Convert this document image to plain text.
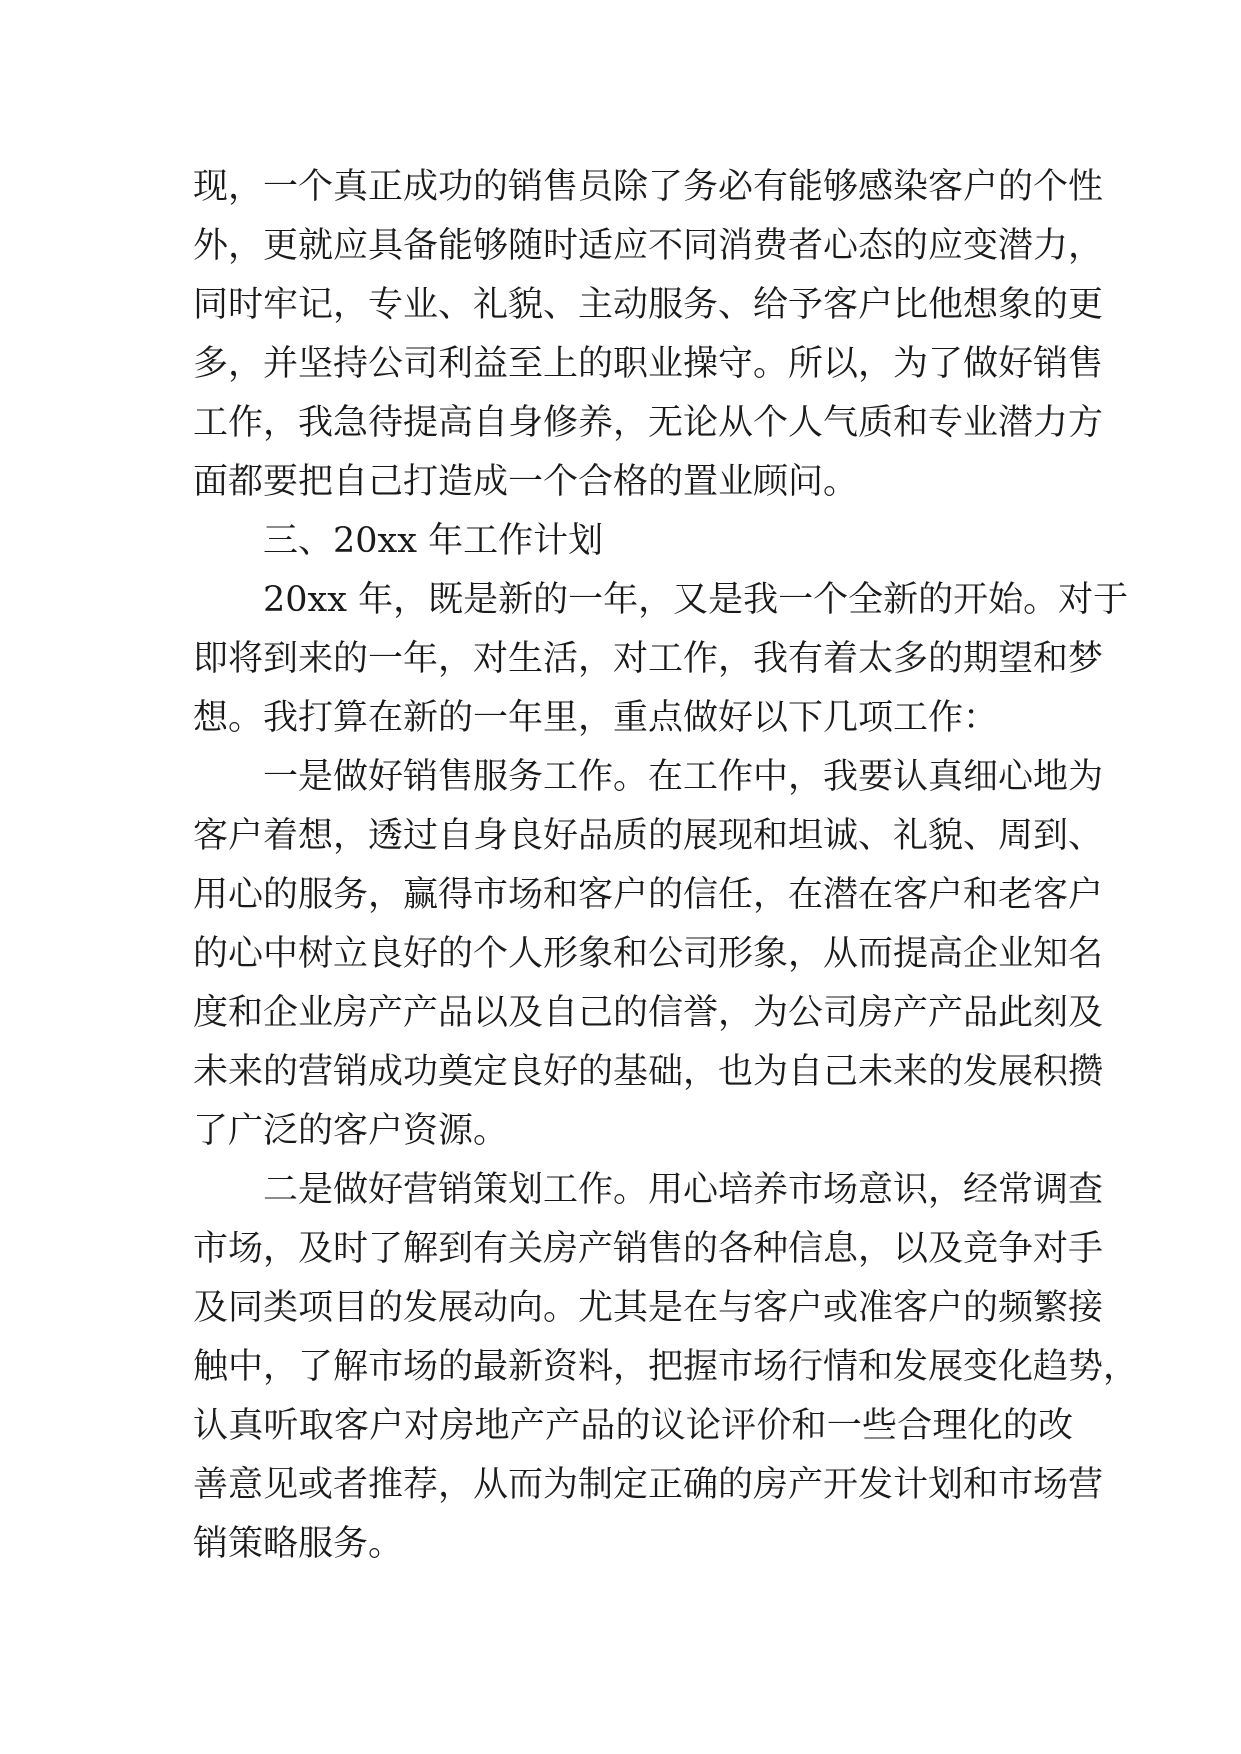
现，一个真正成功的销售员除了务必有能够感染客户的个性
外，更就应具备能够随时适应不同消费者心态的应变潜力，
同时牢记，专业、礼貌、主动服务、给予客户比他想象的更
多，并坚持公司利益至上的职业操守。所以，为了做好销售
工作，我急待提高自身修养，无论从个人气质和专业潜力方
面都要把自己打造成一个合格的置业顾问。
三、20xx 年工作计划
20xx 年，既是新的一年，又是我一个全新的开始。对于
即将到来的一年，对生活，对工作，我有着太多的期望和梦
想。我打算在新的一年里，重点做好以下几项工作：
一是做好销售服务工作。在工作中，我要认真细心地为
客户着想，透过自身良好品质的展现和坦诚、礼貌、周到、
用心的服务，赢得市场和客户的信任，在潜在客户和老客户
的心中树立良好的个人形象和公司形象，从而提高企业知名
度和企业房产产品以及自己的信誉，为公司房产产品此刻及
未来的营销成功奠定良好的基础，也为自己未来的发展积攒
了广泛的客户资源。
二是做好营销策划工作。用心培养市场意识，经常调查
市场，及时了解到有关房产销售的各种信息，以及竞争对手
及同类项目的发展动向。尤其是在与客户或准客户的频繁接
触中，了解市场的最新资料，把握市场行情和发展变化趋势，
认真听取客户对房地产产品的议论评价和一些合理化的改
善意见或者推荐，从而为制定正确的房产开发计划和市场营
销策略服务。
